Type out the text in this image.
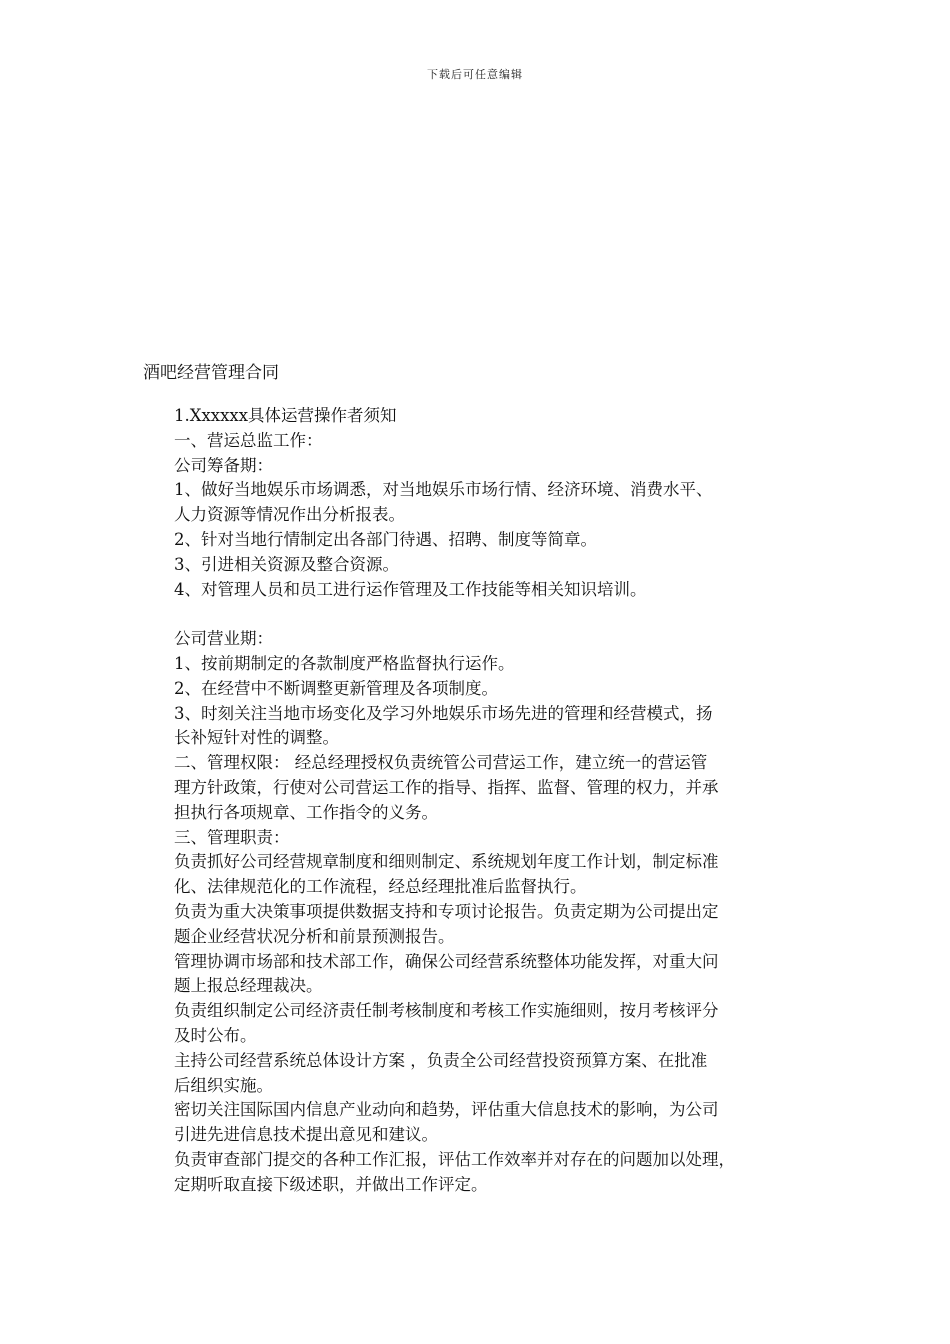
下载后可任意编辑
酒吧经营管理合同
1.Xxxxxx具体运营操作者须知
一、营运总监工作：
公司筹备期：
1、做好当地娱乐市场调悉，对当地娱乐市场行情、经济环境、消费水平、
人力资源等情况作出分析报表。
2、针对当地行情制定出各部门待遇、招聘、制度等简章。
3、引进相关资源及整合资源。
4、对管理人员和员工进行运作管理及工作技能等相关知识培训。
公司营业期：
1、按前期制定的各款制度严格监督执行运作。
2、在经营中不断调整更新管理及各项制度。
3、时刻关注当地市场变化及学习外地娱乐市场先进的管理和经营模式，扬
长补短针对性的调整。
二、管理权限： 经总经理授权负责统管公司营运工作，建立统一的营运管
理方针政策，行使对公司营运工作的指导、指挥、监督、管理的权力，并承
担执行各项规章、工作指令的义务。
三、管理职责：
负责抓好公司经营规章制度和细则制定、系统规划年度工作计划，制定标准
化、法律规范化的工作流程，经总经理批准后监督执行。
负责为重大决策事项提供数据支持和专项讨论报告。负责定期为公司提出定
题企业经营状况分析和前景预测报告。
管理协调市场部和技术部工作，确保公司经营系统整体功能发挥，对重大问
题上报总经理裁决。
负责组织制定公司经济责任制考核制度和考核工作实施细则，按月考核评分
及时公布。
主持公司经营系统总体设计方案 ，负责全公司经营投资预算方案、在批准
后组织实施。
密切关注国际国内信息产业动向和趋势，评估重大信息技术的影响，为公司
引进先进信息技术提出意见和建议。
负责审查部门提交的各种工作汇报，评估工作效率并对存在的问题加以处理，
定期听取直接下级述职，并做出工作评定。
